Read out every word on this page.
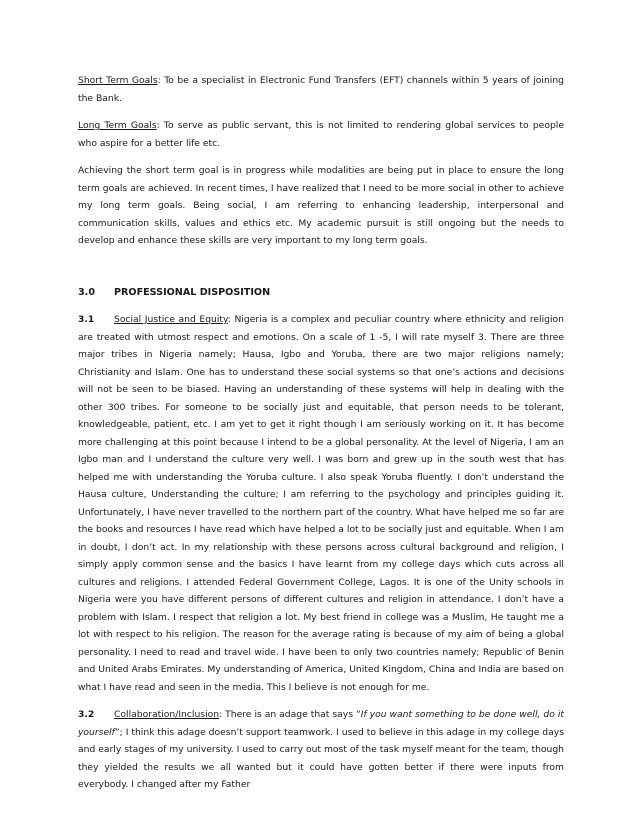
Short Term Goals: To be a specialist in Electronic Fund Transfers (EFT) channels within 5 years of joining the Bank.

Long Term Goals: To serve as public servant, this is not limited to rendering global services to people who aspire for a better life etc.

Achieving the short term goal is in progress while modalities are being put in place to ensure the long term goals are achieved. In recent times, I have realized that I need to be more social in other to achieve my long term goals. Being social, I am referring to enhancing leadership, interpersonal and communication skills, values and ethics etc. My academic pursuit is still ongoing but the needs to develop and enhance these skills are very important to my long term goals.

3.0 PROFESSIONAL DISPOSITION

3.1 Social Justice and Equity: Nigeria is a complex and peculiar country where ethnicity and religion are treated with utmost respect and emotions. On a scale of 1 -5, I will rate myself 3. There are three major tribes in Nigeria namely; Hausa, Igbo and Yoruba, there are two major religions namely; Christianity and Islam. One has to understand these social systems so that one’s actions and decisions will not be seen to be biased. Having an understanding of these systems will help in dealing with the other 300 tribes. For someone to be socially just and equitable, that person needs to be tolerant, knowledgeable, patient, etc. I am yet to get it right though I am seriously working on it. It has become more challenging at this point because I intend to be a global personality. At the level of Nigeria, I am an Igbo man and I understand the culture very well. I was born and grew up in the south west that has helped me with understanding the Yoruba culture. I also speak Yoruba fluently. I don’t understand the Hausa culture, Understanding the culture; I am referring to the psychology and principles guiding it. Unfortunately, I have never travelled to the northern part of the country. What have helped me so far are the books and resources I have read which have helped a lot to be socially just and equitable. When I am in doubt, I don’t act. In my relationship with these persons across cultural background and religion, I simply apply common sense and the basics I have learnt from my college days which cuts across all cultures and religions. I attended Federal Government College, Lagos. It is one of the Unity schools in Nigeria were you have different persons of different cultures and religion in attendance. I don’t have a problem with Islam. I respect that religion a lot. My best friend in college was a Muslim, He taught me a lot with respect to his religion. The reason for the average rating is because of my aim of being a global personality. I need to read and travel wide. I have been to only two countries namely; Republic of Benin and United Arabs Emirates. My understanding of America, United Kingdom, China and India are based on what I have read and seen in the media. This I believe is not enough for me.

3.2 Collaboration/Inclusion: There is an adage that says “If you want something to be done well, do it yourself”; I think this adage doesn’t support teamwork. I used to believe in this adage in my college days and early stages of my university. I used to carry out most of the task myself meant for the team, though they yielded the results we all wanted but it could have gotten better if there were inputs from everybody. I changed after my Father
